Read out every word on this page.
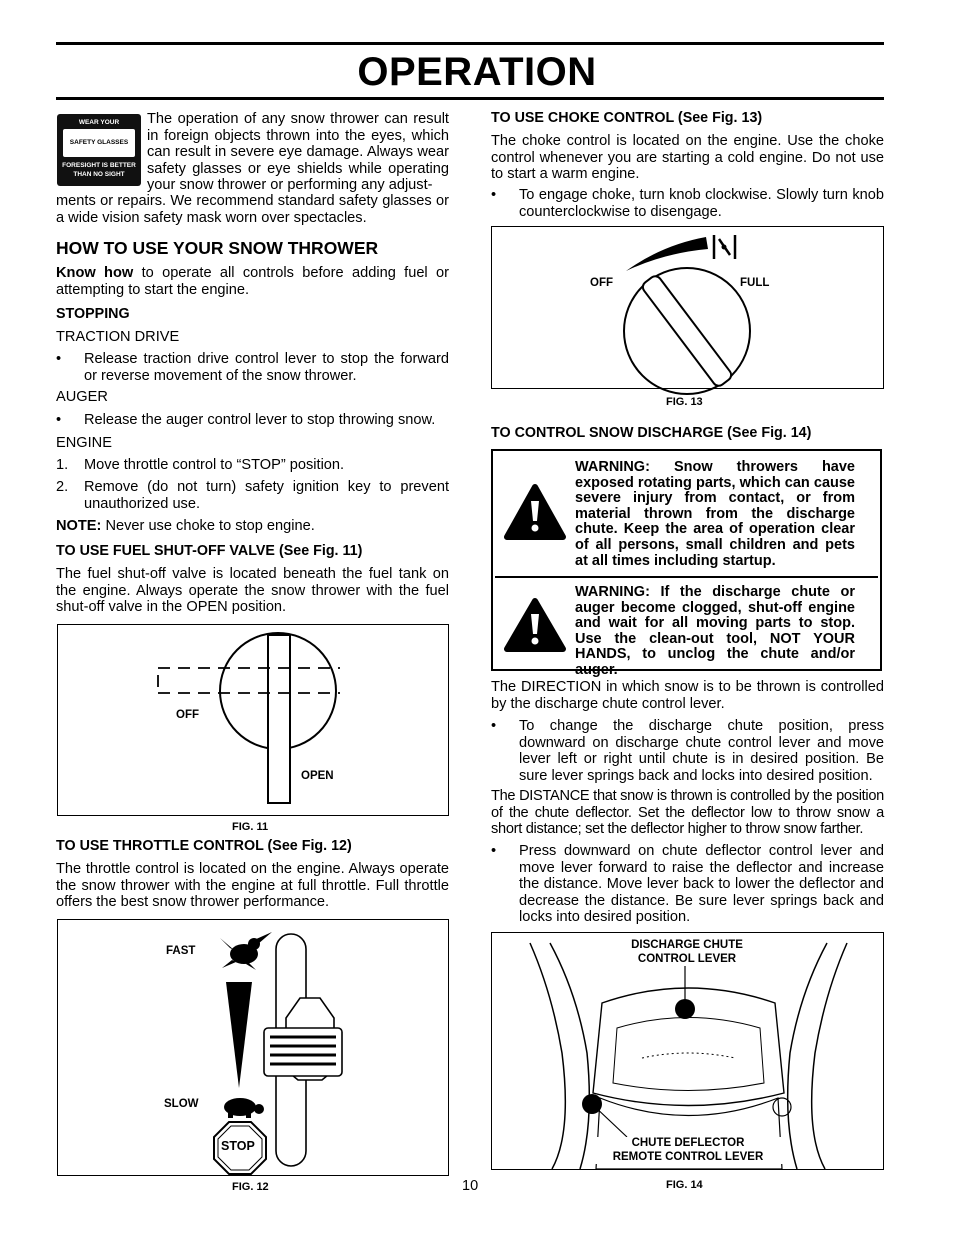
OPERATION
WEAR YOUR
SAFETY GLASSES
FORESIGHT IS BETTER
THAN NO SIGHT
The operation of any snow thrower can result in foreign objects thrown into the eyes, which can result in severe eye damage. Always wear safety glasses or eye shields while operating your snow thrower or performing any adjust-
ments or repairs. We recommend standard safety glasses or a wide vision safety mask worn over spectacles.
HOW TO USE YOUR SNOW THROWER
Know how to operate all controls before adding fuel or attempting to start the engine.
STOPPING
TRACTION DRIVE
• Release traction drive control lever to stop the forward or reverse movement of the snow thrower.
AUGER
• Release the auger control lever to stop throwing snow.
ENGINE
1. Move throttle control to “STOP” position.
2. Remove (do not turn) safety ignition key to prevent unauthorized use.
NOTE: Never use choke to stop engine.
TO USE FUEL SHUT-OFF VALVE (See Fig. 11)
The fuel shut-off valve is located beneath the fuel tank on the engine. Always operate the snow thrower with the fuel shut-off valve in the OPEN position.
OFF
OPEN
FIG. 11
TO USE THROTTLE CONTROL (See Fig. 12)
The throttle control is located on the engine. Always operate the snow thrower with the engine at full throttle. Full throttle offers the best snow thrower performance.
FAST
SLOW
STOP
FIG. 12	10
TO USE CHOKE CONTROL (See Fig. 13)
The choke control is located on the engine. Use the choke control whenever you are starting a cold engine. Do not use to start a warm engine.
• To engage choke, turn knob clockwise. Slowly turn knob counterclockwise to disengage.
OFF	FULL
FIG. 13
TO CONTROL SNOW DISCHARGE (See Fig. 14)
WARNING: Snow throwers have exposed rotating parts, which can cause severe injury from contact, or from material thrown from the discharge chute. Keep the area of operation clear of all persons, small children and pets at all times including startup.
WARNING: If the discharge chute or auger become clogged, shut-off engine and wait for all moving parts to stop. Use the clean-out tool, NOT YOUR HANDS, to unclog the chute and/or auger.
The DIRECTION in which snow is to be thrown is controlled by the discharge chute control lever.
• To change the discharge chute position, press downward on discharge chute control lever and move lever left or right until chute is in desired position. Be sure lever springs back and locks into desired position.
The DISTANCE that snow is thrown is controlled by the position of the chute deflector. Set the deflector low to throw snow a short distance; set the deflector higher to throw snow farther.
• Press downward on chute deflector control lever and move lever forward to raise the deflector and increase the distance. Move lever back to lower the deflector and decrease the distance. Be sure lever springs back and locks into desired position.
DISCHARGE CHUTE
CONTROL LEVER
CHUTE DEFLECTOR
REMOTE CONTROL LEVER
FIG. 14
